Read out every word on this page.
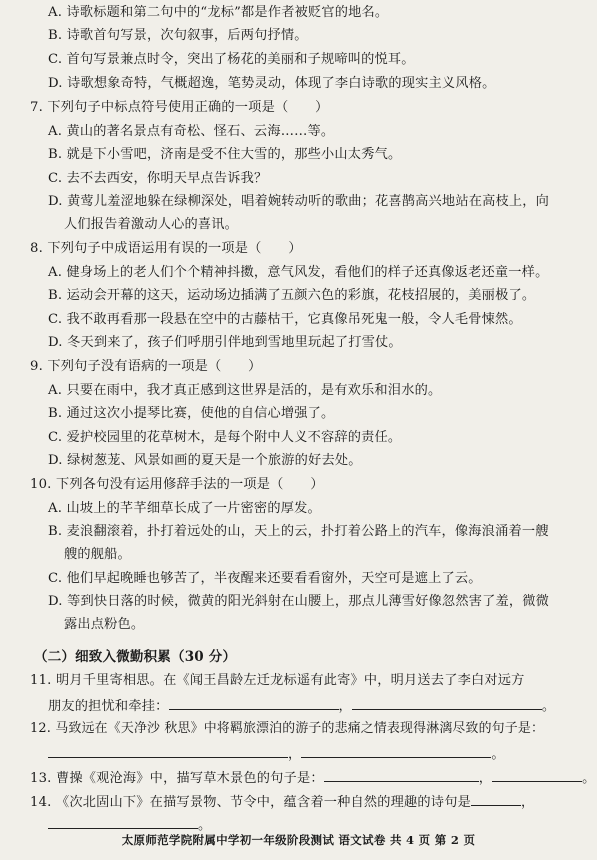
A. 诗歌标题和第二句中的“龙标”都是作者被贬官的地名。
B. 诗歌首句写景，次句叙事，后两句抒情。
C. 首句写景兼点时令，突出了杨花的美丽和子规啼叫的悦耳。
D. 诗歌想象奇特，气概超逸，笔势灵动，体现了李白诗歌的现实主义风格。
7. 下列句子中标点符号使用正确的一项是（　　）
A. 黄山的著名景点有奇松、怪石、云海……等。
B. 就是下小雪吧，济南是受不住大雪的，那些小山太秀气。
C. 去不去西安，你明天早点告诉我？
D. 黄莺儿羞涩地躲在绿柳深处，唱着婉转动听的歌曲；花喜鹊高兴地站在高枝上，向
人们报告着激动人心的喜讯。
8. 下列句子中成语运用有误的一项是（　　）
A. 健身场上的老人们个个精神抖擞，意气风发，看他们的样子还真像返老还童一样。
B. 运动会开幕的这天，运动场边插满了五颜六色的彩旗，花枝招展的，美丽极了。
C. 我不敢再看那一段悬在空中的古藤枯干，它真像吊死鬼一般，令人毛骨悚然。
D. 冬天到来了，孩子们呼朋引伴地到雪地里玩起了打雪仗。
9. 下列句子没有语病的一项是（　　）
A. 只要在雨中，我才真正感到这世界是活的，是有欢乐和泪水的。
B. 通过这次小提琴比赛，使他的自信心增强了。
C. 爱护校园里的花草树木，是每个附中人义不容辞的责任。
D. 绿树葱茏、风景如画的夏天是一个旅游的好去处。
10. 下列各句没有运用修辞手法的一项是（　　）
A. 山坡上的芊芊细草长成了一片密密的厚发。
B. 麦浪翻滚着，扑打着远处的山，天上的云，扑打着公路上的汽车，像海浪涌着一艘
艘的舰船。
C. 他们早起晚睡也够苦了，半夜醒来还要看看窗外，天空可是遮上了云。
D. 等到快日落的时候，微黄的阳光斜射在山腰上，那点儿薄雪好像忽然害了羞，微微
露出点粉色。
（二）细致入微勤积累（30 分）
11. 明月千里寄相思。在《闻王昌龄左迁龙标遥有此寄》中，明月送去了李白对远方
朋友的担忧和牵挂：	，	。
12. 马致远在《天净沙 秋思》中将羁旅漂泊的游子的悲痛之情表现得淋漓尽致的句子是：
，	。
13. 曹操《观沧海》中，描写草木景色的句子是：	，	。
14. 《次北固山下》在描写景物、节令中，蕴含着一种自然的理趣的诗句是	，
。
太原师范学院附属中学初一年级阶段测试 语文试卷 共 4 页 第 2 页
